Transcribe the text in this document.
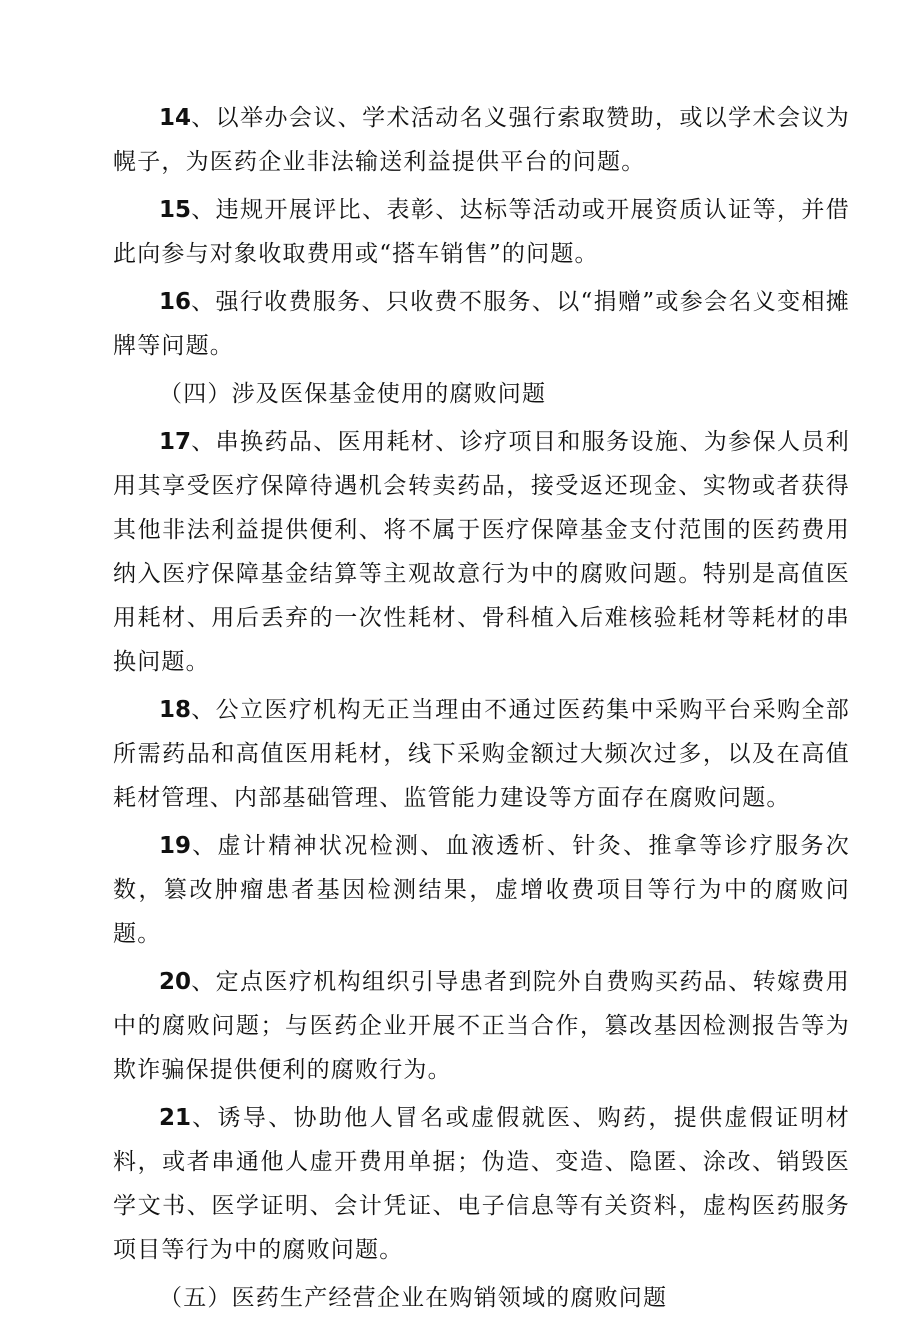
14、以举办会议、学术活动名义强行索取赞助，或以学术会议为幌子，为医药企业非法输送利益提供平台的问题。

15、违规开展评比、表彰、达标等活动或开展资质认证等，并借此向参与对象收取费用或“搭车销售”的问题。

16、强行收费服务、只收费不服务、以“捐赠”或参会名义变相摊牌等问题。

（四）涉及医保基金使用的腐败问题

17、串换药品、医用耗材、诊疗项目和服务设施、为参保人员利用其享受医疗保障待遇机会转卖药品，接受返还现金、实物或者获得其他非法利益提供便利、将不属于医疗保障基金支付范围的医药费用纳入医疗保障基金结算等主观故意行为中的腐败问题。特别是高值医用耗材、用后丢弃的一次性耗材、骨科植入后难核验耗材等耗材的串换问题。

18、公立医疗机构无正当理由不通过医药集中采购平台采购全部所需药品和高值医用耗材，线下采购金额过大频次过多，以及在高值耗材管理、内部基础管理、监管能力建设等方面存在腐败问题。

19、虚计精神状况检测、血液透析、针灸、推拿等诊疗服务次数，篡改肿瘤患者基因检测结果，虚增收费项目等行为中的腐败问题。

20、定点医疗机构组织引导患者到院外自费购买药品、转嫁费用中的腐败问题；与医药企业开展不正当合作，篡改基因检测报告等为欺诈骗保提供便利的腐败行为。

21、诱导、协助他人冒名或虚假就医、购药，提供虚假证明材料，或者串通他人虚开费用单据；伪造、变造、隐匿、涂改、销毁医学文书、医学证明、会计凭证、电子信息等有关资料，虚构医药服务项目等行为中的腐败问题。

（五）医药生产经营企业在购销领域的腐败问题
